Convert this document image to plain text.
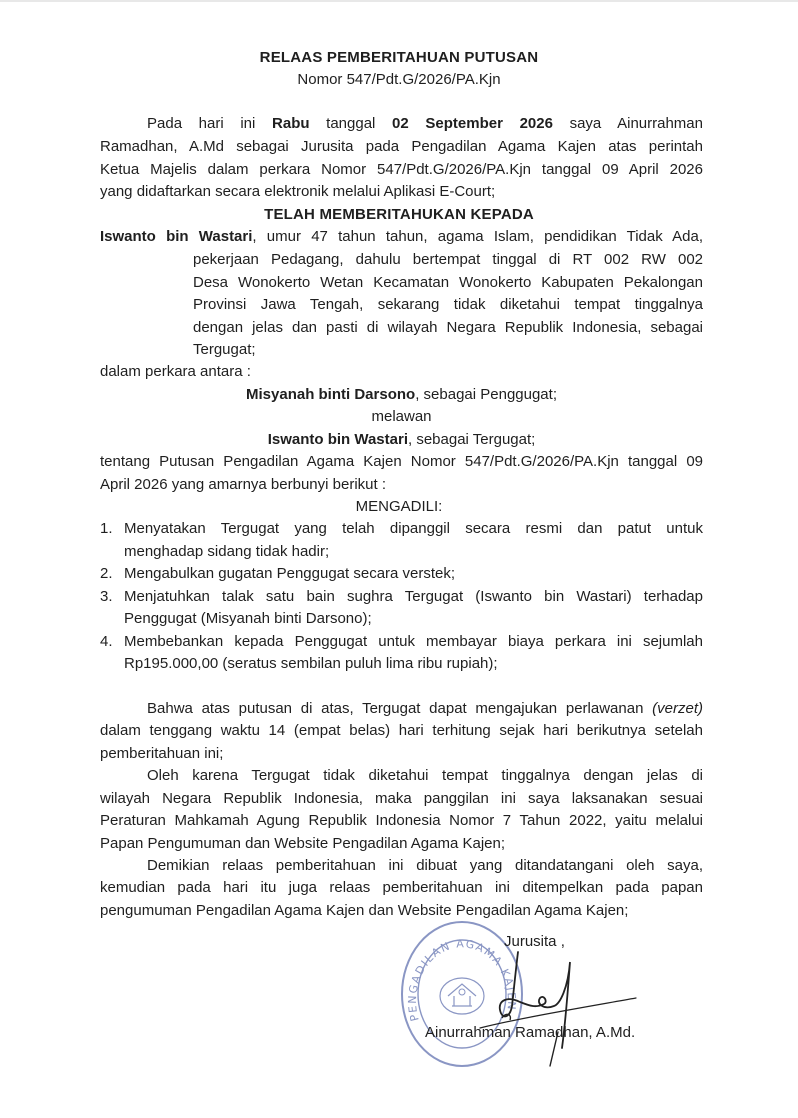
RELAAS PEMBERITAHUAN PUTUSAN
Nomor 547/Pdt.G/2026/PA.Kjn
Pada hari ini Rabu tanggal 02 September 2026 saya Ainurrahman
Ramadhan, A.Md sebagai Jurusita pada Pengadilan Agama Kajen atas perintah
Ketua Majelis dalam perkara Nomor 547/Pdt.G/2026/PA.Kjn tanggal 09 April 2026
yang didaftarkan secara elektronik melalui Aplikasi E-Court;
TELAH MEMBERITAHUKAN KEPADA
Iswanto bin Wastari, umur 47 tahun tahun, agama Islam, pendidikan Tidak Ada,
pekerjaan Pedagang, dahulu bertempat tinggal di RT 002 RW 002
Desa Wonokerto Wetan Kecamatan Wonokerto Kabupaten Pekalongan
Provinsi Jawa Tengah, sekarang tidak diketahui tempat tinggalnya
dengan jelas dan pasti di wilayah Negara Republik Indonesia, sebagai
Tergugat;
dalam perkara antara :
Misyanah binti Darsono, sebagai Penggugat;
melawan
Iswanto bin Wastari, sebagai Tergugat;
tentang Putusan Pengadilan Agama Kajen Nomor 547/Pdt.G/2026/PA.Kjn tanggal 09
April 2026 yang amarnya berbunyi berikut :
MENGADILI:
1. Menyatakan Tergugat yang telah dipanggil secara resmi dan patut untuk
menghadap sidang tidak hadir;
2. Mengabulkan gugatan Penggugat secara verstek;
3. Menjatuhkan talak satu bain sughra Tergugat (Iswanto bin Wastari) terhadap
Penggugat (Misyanah binti Darsono);
4. Membebankan kepada Penggugat untuk membayar biaya perkara ini sejumlah
Rp195.000,00 (seratus sembilan puluh lima ribu rupiah);
Bahwa atas putusan di atas, Tergugat dapat mengajukan perlawanan (verzet)
dalam tenggang waktu 14 (empat belas) hari terhitung sejak hari berikutnya setelah
pemberitahuan ini;
Oleh karena Tergugat tidak diketahui tempat tinggalnya dengan jelas di
wilayah Negara Republik Indonesia, maka panggilan ini saya laksanakan sesuai
Peraturan Mahkamah Agung Republik Indonesia Nomor 7 Tahun 2022, yaitu melalui
Papan Pengumuman dan Website Pengadilan Agama Kajen;
Demikian relaas pemberitahuan ini dibuat yang ditandatangani oleh saya,
kemudian pada hari itu juga relaas pemberitahuan ini ditempelkan pada papan
pengumuman Pengadilan Agama Kajen dan Website Pengadilan Agama Kajen;
PENGADILAN AGAMA KAJEN
Jurusita ,
Ainurrahman Ramadhan, A.Md.
